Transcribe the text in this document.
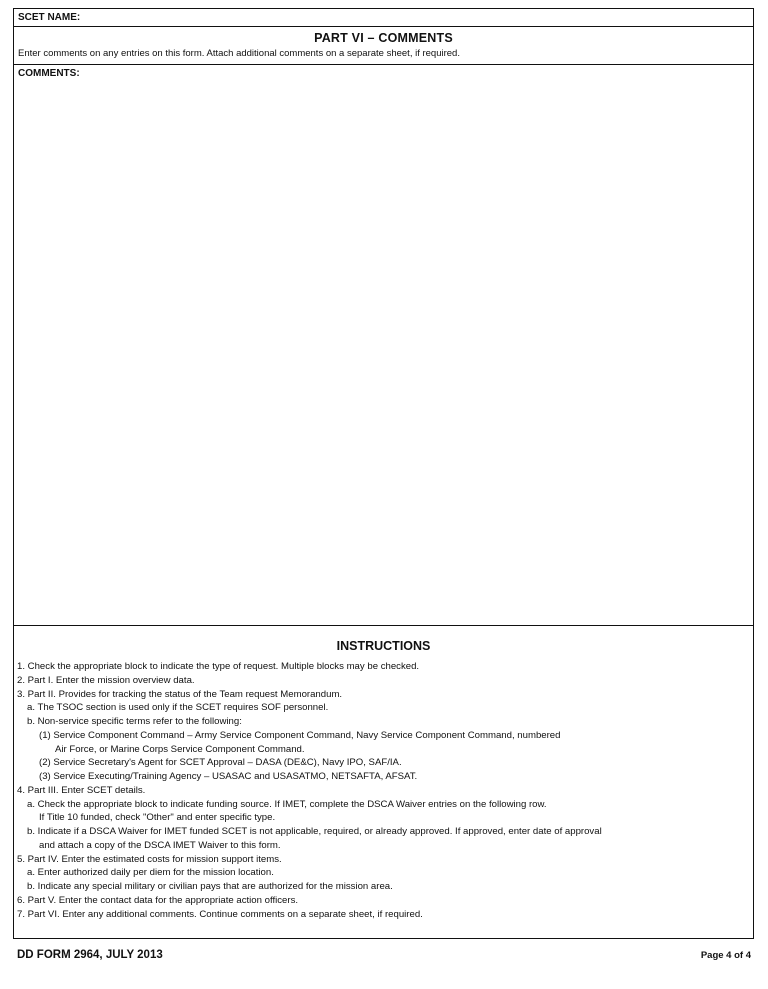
SCET NAME:
PART VI – COMMENTS
Enter comments on any entries on this form. Attach additional comments on a separate sheet, if required.
COMMENTS:
INSTRUCTIONS
1. Check the appropriate block to indicate the type of request. Multiple blocks may be checked.
2. Part I. Enter the mission overview data.
3. Part II. Provides for tracking the status of the Team request Memorandum.
a. The TSOC section is used only if the SCET requires SOF personnel.
b. Non-service specific terms refer to the following:
(1) Service Component Command – Army Service Component Command, Navy Service Component Command, numbered
Air Force, or Marine Corps Service Component Command.
(2) Service Secretary's Agent for SCET Approval – DASA (DE&C), Navy IPO, SAF/IA.
(3) Service Executing/Training Agency – USASAC and USASATMO, NETSAFTA, AFSAT.
4. Part III. Enter SCET details.
a. Check the appropriate block to indicate funding source. If IMET, complete the DSCA Waiver entries on the following row.
If Title 10 funded, check "Other" and enter specific type.
b. Indicate if a DSCA Waiver for IMET funded SCET is not applicable, required, or already approved. If approved, enter date of approval
and attach a copy of the DSCA IMET Waiver to this form.
5. Part IV. Enter the estimated costs for mission support items.
a. Enter authorized daily per diem for the mission location.
b. Indicate any special military or civilian pays that are authorized for the mission area.
6. Part V. Enter the contact data for the appropriate action officers.
7. Part VI. Enter any additional comments. Continue comments on a separate sheet, if required.
DD FORM 2964, JULY 2013	Page 4 of 4
